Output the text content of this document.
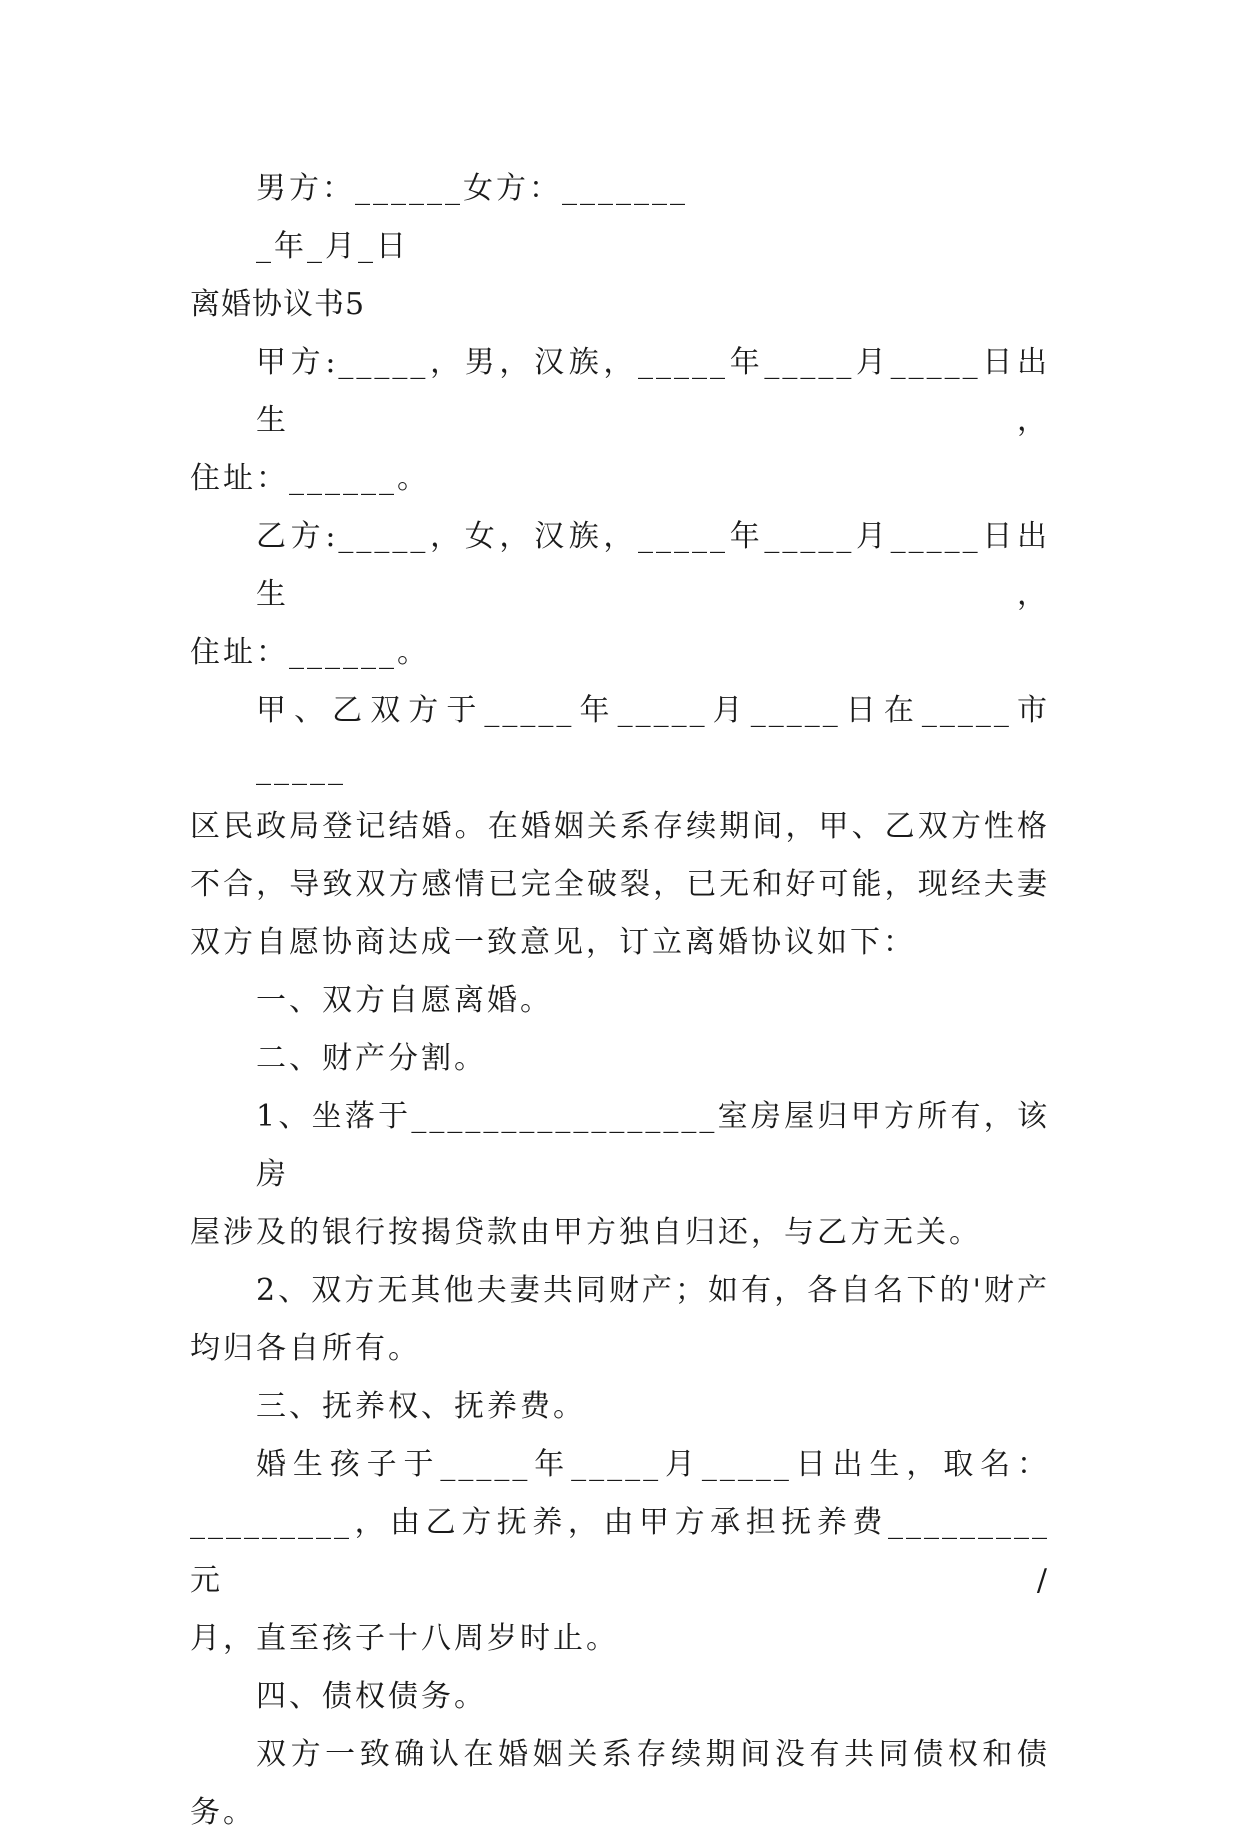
男方：______女方：_______

_年_月_日

离婚协议书5

甲方:_____，男，汉族，_____年_____月_____日出生，

住址：______。

乙方:_____，女，汉族，_____年_____月_____日出生，

住址：______。

甲、乙双方于_____年_____月_____日在_____市_____

区民政局登记结婚。在婚姻关系存续期间，甲、乙双方性格

不合，导致双方感情已完全破裂，已无和好可能，现经夫妻

双方自愿协商达成一致意见，订立离婚协议如下：

一、双方自愿离婚。

二、财产分割。

1、坐落于_________________室房屋归甲方所有，该房

屋涉及的银行按揭贷款由甲方独自归还，与乙方无关。

2、双方无其他夫妻共同财产；如有，各自名下的'财产

均归各自所有。

三、抚养权、抚养费。

婚生孩子于_____年_____月_____日出生，取名：

_________，由乙方抚养，由甲方承担抚养费_________元/

月，直至孩子十八周岁时止。

四、债权债务。

双方一致确认在婚姻关系存续期间没有共同债权和债

务。
